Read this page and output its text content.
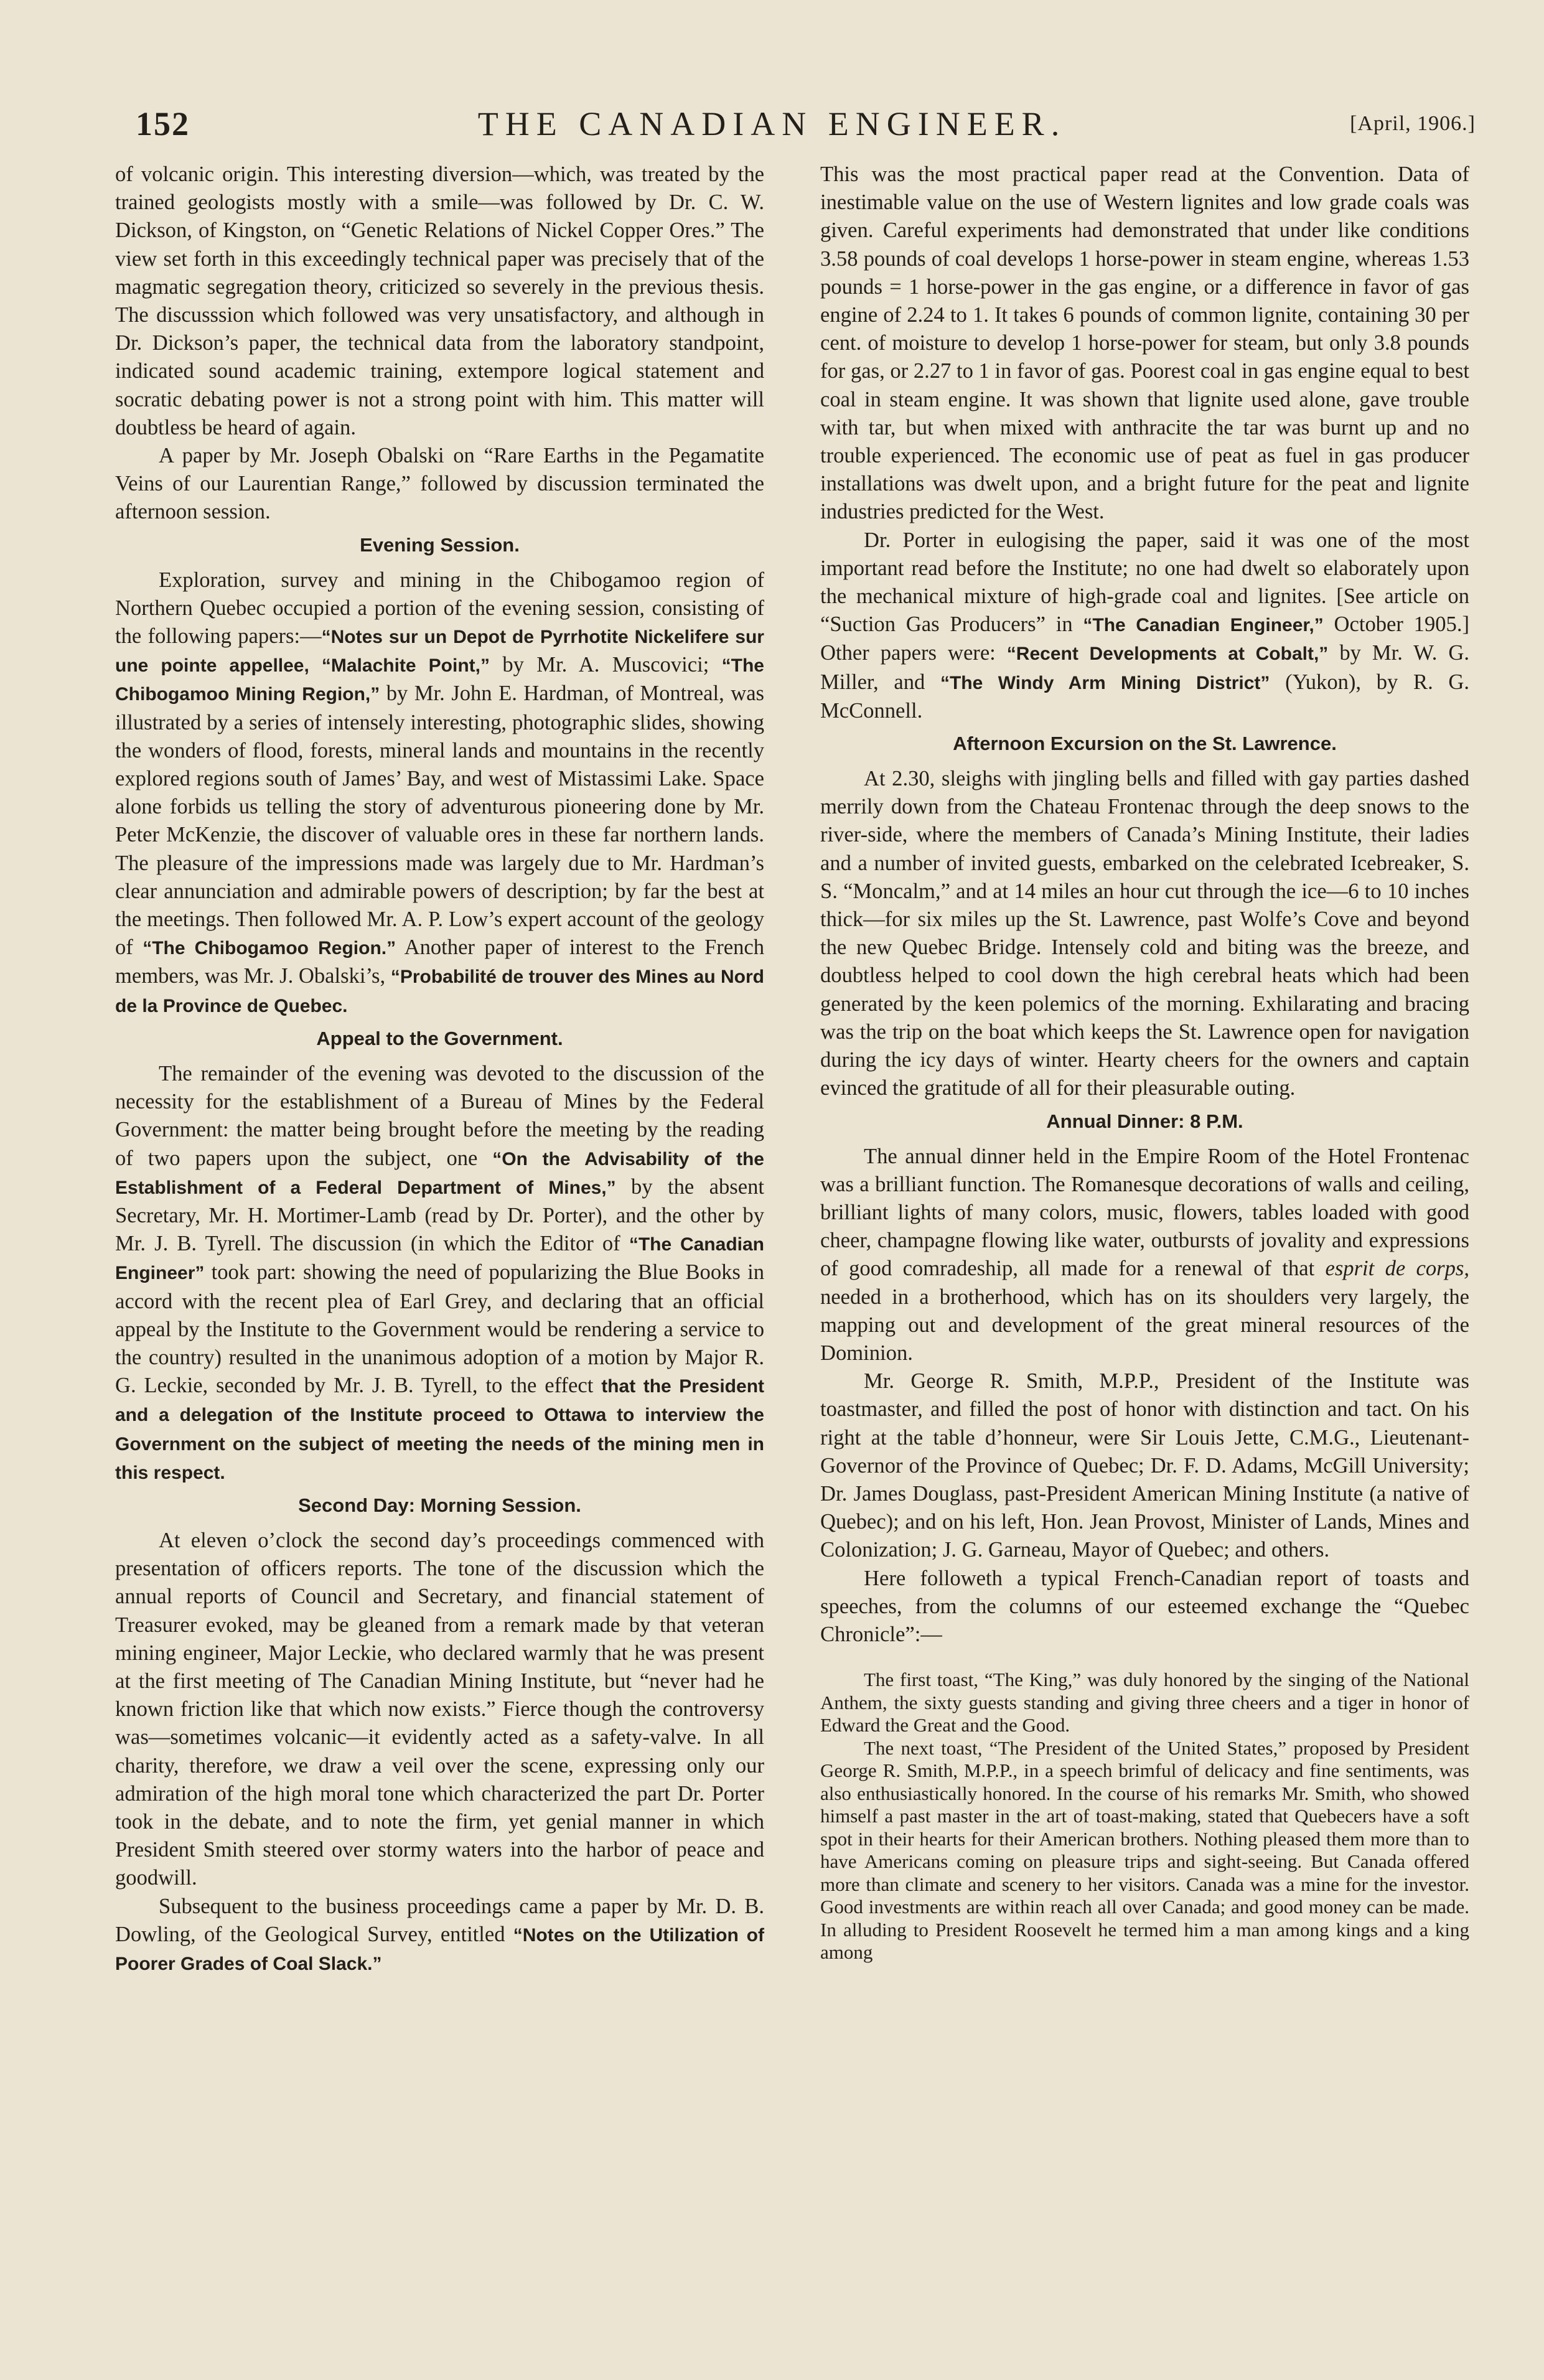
THE CANADIAN ENGINEER.
152	[April, 1906.]

of volcanic origin. This interesting diversion—which, was treated by the trained geologists mostly with a smile—was followed by Dr. C. W. Dickson, of Kingston, on “Genetic Relations of Nickel Copper Ores.” The view set forth in this exceedingly technical paper was precisely that of the magmatic segregation theory, criticized so severely in the previous thesis. The discusssion which followed was very unsatisfactory, and although in Dr. Dickson’s paper, the technical data from the laboratory standpoint, indicated sound academic training, extempore logical statement and socratic debating power is not a strong point with him. This matter will doubtless be heard of again.

A paper by Mr. Joseph Obalski on “Rare Earths in the Pegamatite Veins of our Laurentian Range,” followed by discussion terminated the afternoon session.

Evening Session.

Exploration, survey and mining in the Chibogamoo region of Northern Quebec occupied a portion of the evening session, consisting of the following papers:—“Notes sur un Depot de Pyrrhotite Nickelifere sur une pointe appellee, “Malachite Point,” by Mr. A. Muscovici; “The Chibogamoo Mining Region,” by Mr. John E. Hardman, of Montreal, was illustrated by a series of intensely interesting, photographic slides, showing the wonders of flood, forests, mineral lands and mountains in the recently explored regions south of James’ Bay, and west of Mistassimi Lake. Space alone forbids us telling the story of adventurous pioneering done by Mr. Peter McKenzie, the discover of valuable ores in these far northern lands. The pleasure of the impressions made was largely due to Mr. Hardman’s clear annunciation and admirable powers of description; by far the best at the meetings. Then followed Mr. A. P. Low’s expert account of the geology of “The Chibogamoo Region.” Another paper of interest to the French members, was Mr. J. Obalski’s, “Probabilité de trouver des Mines au Nord de la Province de Quebec.

Appeal to the Government.

The remainder of the evening was devoted to the discussion of the necessity for the establishment of a Bureau of Mines by the Federal Government: the matter being brought before the meeting by the reading of two papers upon the subject, one “On the Advisability of the Establishment of a Federal Department of Mines,” by the absent Secretary, Mr. H. Mortimer-Lamb (read by Dr. Porter), and the other by Mr. J. B. Tyrell. The discussion (in which the Editor of “The Canadian Engineer” took part: showing the need of popularizing the Blue Books in accord with the recent plea of Earl Grey, and declaring that an official appeal by the Institute to the Government would be rendering a service to the country) resulted in the unanimous adoption of a motion by Major R. G. Leckie, seconded by Mr. J. B. Tyrell, to the effect that the President and a delegation of the Institute proceed to Ottawa to interview the Government on the subject of meeting the needs of the mining men in this respect.

Second Day: Morning Session.

At eleven o’clock the second day’s proceedings commenced with presentation of officers reports. The tone of the discussion which the annual reports of Council and Secretary, and financial statement of Treasurer evoked, may be gleaned from a remark made by that veteran mining engineer, Major Leckie, who declared warmly that he was present at the first meeting of The Canadian Mining Institute, but “never had he known friction like that which now exists.” Fierce though the controversy was—sometimes volcanic—it evidently acted as a safety-valve. In all charity, therefore, we draw a veil over the scene, expressing only our admiration of the high moral tone which characterized the part Dr. Porter took in the debate, and to note the firm, yet genial manner in which President Smith steered over stormy waters into the harbor of peace and goodwill.

Subsequent to the business proceedings came a paper by Mr. D. B. Dowling, of the Geological Survey, entitled “Notes on the Utilization of Poorer Grades of Coal Slack.”

This was the most practical paper read at the Convention. Data of inestimable value on the use of Western lignites and low grade coals was given. Careful experiments had demonstrated that under like conditions 3.58 pounds of coal develops 1 horse-power in steam engine, whereas 1.53 pounds = 1 horse-power in the gas engine, or a difference in favor of gas engine of 2.24 to 1. It takes 6 pounds of common lignite, containing 30 per cent. of moisture to develop 1 horse-power for steam, but only 3.8 pounds for gas, or 2.27 to 1 in favor of gas. Poorest coal in gas engine equal to best coal in steam engine. It was shown that lignite used alone, gave trouble with tar, but when mixed with anthracite the tar was burnt up and no trouble experienced. The economic use of peat as fuel in gas producer installations was dwelt upon, and a bright future for the peat and lignite industries predicted for the West.

Dr. Porter in eulogising the paper, said it was one of the most important read before the Institute; no one had dwelt so elaborately upon the mechanical mixture of high-grade coal and lignites. [See article on “Suction Gas Producers” in “The Canadian Engineer,” October 1905.] Other papers were: “Recent Developments at Cobalt,” by Mr. W. G. Miller, and “The Windy Arm Mining District” (Yukon), by R. G. McConnell.

Afternoon Excursion on the St. Lawrence.

At 2.30, sleighs with jingling bells and filled with gay parties dashed merrily down from the Chateau Frontenac through the deep snows to the river-side, where the members of Canada’s Mining Institute, their ladies and a number of invited guests, embarked on the celebrated Icebreaker, S. S. “Moncalm,” and at 14 miles an hour cut through the ice—6 to 10 inches thick—for six miles up the St. Lawrence, past Wolfe’s Cove and beyond the new Quebec Bridge. Intensely cold and biting was the breeze, and doubtless helped to cool down the high cerebral heats which had been generated by the keen polemics of the morning. Exhilarating and bracing was the trip on the boat which keeps the St. Lawrence open for navigation during the icy days of winter. Hearty cheers for the owners and captain evinced the gratitude of all for their pleasurable outing.

Annual Dinner: 8 P.M.

The annual dinner held in the Empire Room of the Hotel Frontenac was a brilliant function. The Romanesque decorations of walls and ceiling, brilliant lights of many colors, music, flowers, tables loaded with good cheer, champagne flowing like water, outbursts of jovality and expressions of good comradeship, all made for a renewal of that esprit de corps, needed in a brotherhood, which has on its shoulders very largely, the mapping out and development of the great mineral resources of the Dominion.

Mr. George R. Smith, M.P.P., President of the Institute was toastmaster, and filled the post of honor with distinction and tact. On his right at the table d’honneur, were Sir Louis Jette, C.M.G., Lieutenant-Governor of the Province of Quebec; Dr. F. D. Adams, McGill University; Dr. James Douglass, past-President American Mining Institute (a native of Quebec); and on his left, Hon. Jean Provost, Minister of Lands, Mines and Colonization; J. G. Garneau, Mayor of Quebec; and others.

Here followeth a typical French-Canadian report of toasts and speeches, from the columns of our esteemed exchange the “Quebec Chronicle”:—

The first toast, “The King,” was duly honored by the singing of the National Anthem, the sixty guests standing and giving three cheers and a tiger in honor of Edward the Great and the Good.

The next toast, “The President of the United States,” proposed by President George R. Smith, M.P.P., in a speech brimful of delicacy and fine sentiments, was also enthusiastically honored. In the course of his remarks Mr. Smith, who showed himself a past master in the art of toast-making, stated that Quebecers have a soft spot in their hearts for their American brothers. Nothing pleased them more than to have Americans coming on pleasure trips and sight-seeing. But Canada offered more than climate and scenery to her visitors. Canada was a mine for the investor. Good investments are within reach all over Canada; and good money can be made. In alluding to President Roosevelt he termed him a man among kings and a king among
